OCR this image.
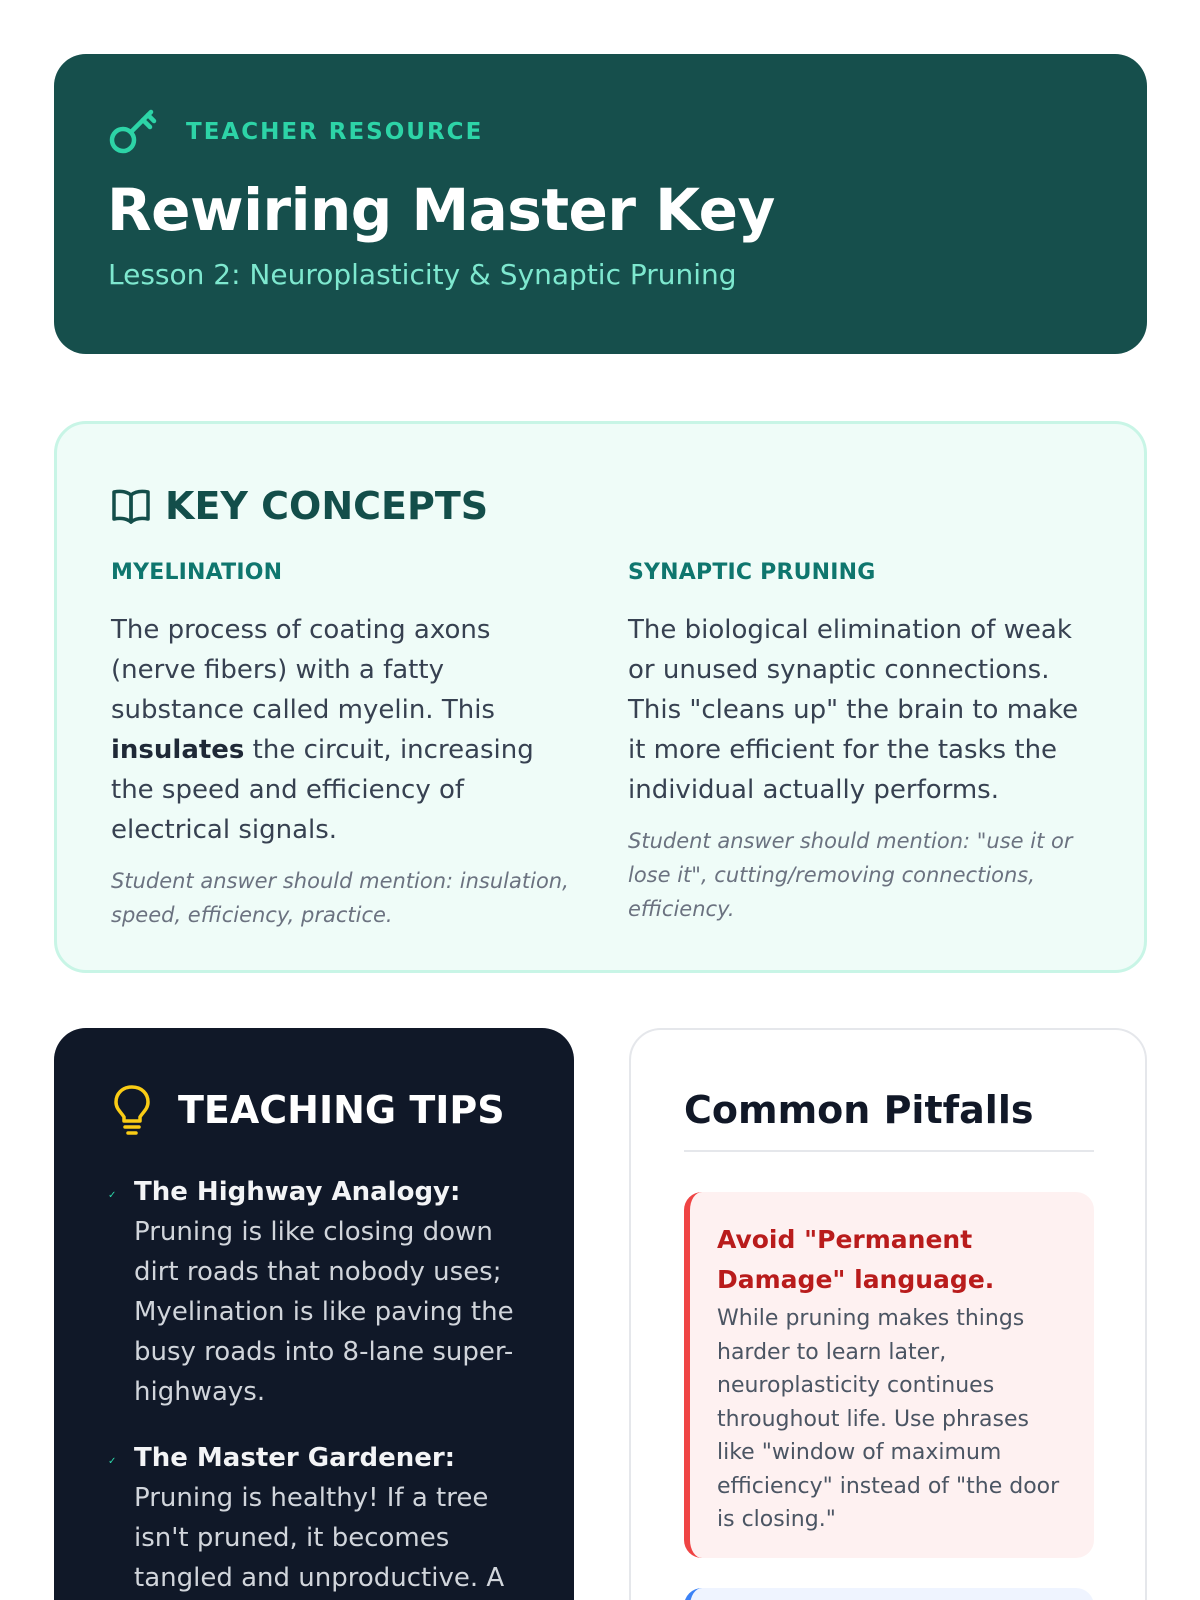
TEACHER RESOURCE
Rewiring Master Key
Lesson 2: Neuroplasticity & Synaptic Pruning
KEY CONCEPTS
MYELINATION

The process of coating axons (nerve fibers) with a fatty substance called myelin. This insulates the circuit, increasing the speed and efficiency of electrical signals.

Student answer should mention: insulation, speed, efficiency, practice.

SYNAPTIC PRUNING

The biological elimination of weak or unused synaptic connections. This "cleans up" the brain to make it more efficient for the tasks the individual actually performs.

Student answer should mention: "use it or lose it", cutting/removing connections, efficiency.

TEACHING TIPS
✓ The Highway Analogy:
Pruning is like closing down dirt roads that nobody uses; Myelination is like paving the busy roads into 8-lane super-highways.
✓ The Master Gardener:
Pruning is healthy! If a tree isn't pruned, it becomes tangled and unproductive. A
Common Pitfalls
Avoid "Permanent Damage" language.

While pruning makes things harder to learn later, neuroplasticity continues throughout life. Use phrases like "window of maximum efficiency" instead of "the door is closing."
